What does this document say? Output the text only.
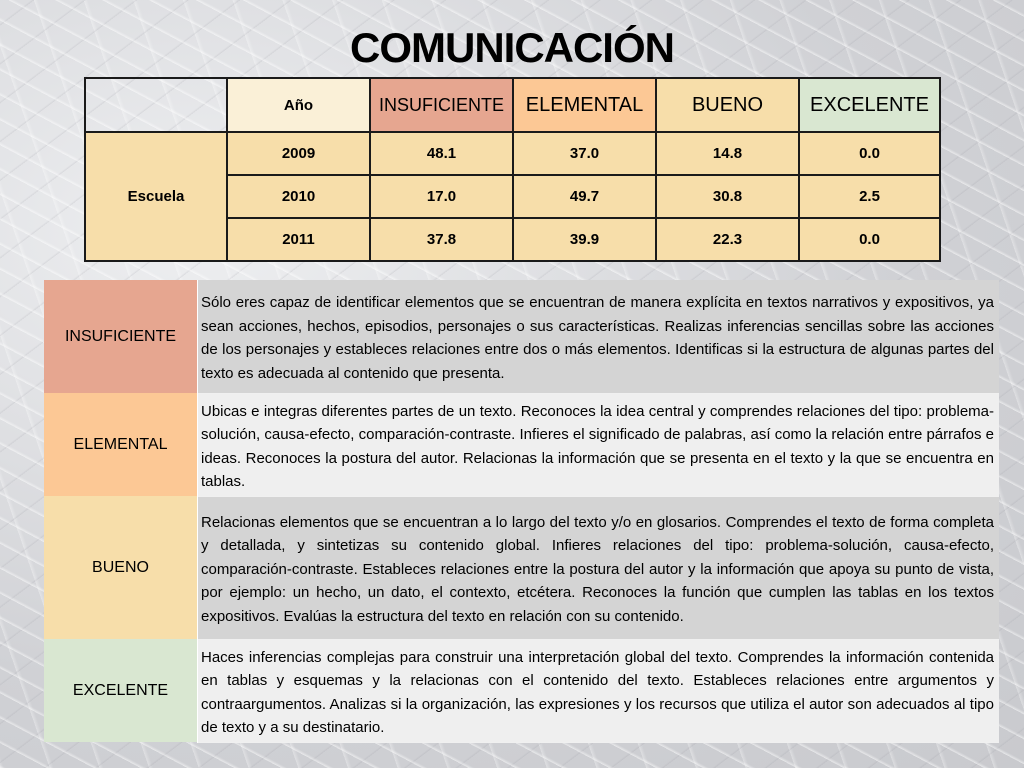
COMUNICACIÓN
	Año	INSUFICIENTE	ELEMENTAL	BUENO	EXCELENTE
Escuela	2009	48.1	37.0	14.8	0.0
	2010	17.0	49.7	30.8	2.5
	2011	37.8	39.9	22.3	0.0
INSUFICIENTE	Sólo eres capaz de identificar elementos que se encuentran de manera explícita en textos narrativos y expositivos, ya sean acciones, hechos, episodios, personajes o sus características. Realizas inferencias sencillas sobre las acciones de los personajes y estableces relaciones entre dos o más elementos. Identificas si la estructura de algunas partes del texto es adecuada al contenido que presenta.
ELEMENTAL	Ubicas e integras diferentes partes de un texto. Reconoces la idea central y comprendes relaciones del tipo: problema-solución, causa-efecto, comparación-contraste. Infieres el significado de palabras, así como la relación entre párrafos e ideas. Reconoces la postura del autor. Relacionas la información que se presenta en el texto y la que se encuentra en tablas.
BUENO	Relacionas elementos que se encuentran a lo largo del texto y/o en glosarios. Comprendes el texto de forma completa y detallada, y sintetizas su contenido global. Infieres relaciones del tipo: problema-solución, causa-efecto, comparación-contraste. Estableces relaciones entre la postura del autor y la información que apoya su punto de vista, por ejemplo: un hecho, un dato, el contexto, etcétera. Reconoces la función que cumplen las tablas en los textos expositivos. Evalúas la estructura del texto en relación con su contenido.
EXCELENTE	Haces inferencias complejas para construir una interpretación global del texto. Comprendes la información contenida en tablas y esquemas y la relacionas con el contenido del texto. Estableces relaciones entre argumentos y contraargumentos. Analizas si la organización, las expresiones y los recursos que utiliza el autor son adecuados al tipo de texto y a su destinatario.
